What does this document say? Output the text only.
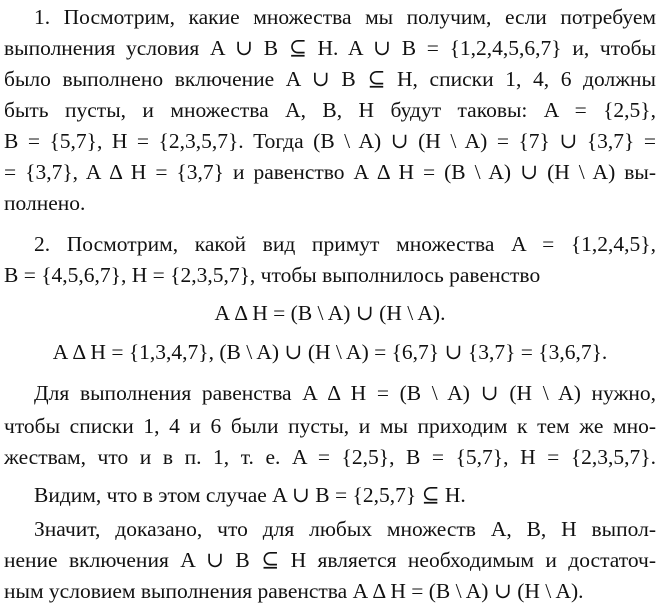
1. Посмотрим, какие множества мы получим, если потребуем
выполнения условия A ∪ B ⊆ H. A ∪ B = {1,2,4,5,6,7} и, чтобы
было выполнено включение A ∪ B ⊆ H, списки 1, 4, 6 должны
быть пусты, и множества A, B, H будут таковы: A = {2,5},
B = {5,7}, H = {2,3,5,7}. Тогда (B \ A) ∪ (H \ A) = {7} ∪ {3,7} =
= {3,7}, A Δ H = {3,7} и равенство A Δ H = (B \ A) ∪ (H \ A) вы-
полнено.
2. Посмотрим, какой вид примут множества A = {1,2,4,5},
B = {4,5,6,7}, H = {2,3,5,7}, чтобы выполнилось равенство
A Δ H = (B \ A) ∪ (H \ A).
A Δ H = {1,3,4,7}, (B \ A) ∪ (H \ A) = {6,7} ∪ {3,7} = {3,6,7}.
Для выполнения равенства A Δ H = (B \ A) ∪ (H \ A) нужно,
чтобы списки 1, 4 и 6 были пусты, и мы приходим к тем же мно-
жествам, что и в п. 1, т. е. A = {2,5}, B = {5,7}, H = {2,3,5,7}.
Видим, что в этом случае A ∪ B = {2,5,7} ⊆ H.
Значит, доказано, что для любых множеств A, B, H выпол-
нение включения A ∪ B ⊆ H является необходимым и достаточ-
ным условием выполнения равенства A Δ H = (B \ A) ∪ (H \ A).
